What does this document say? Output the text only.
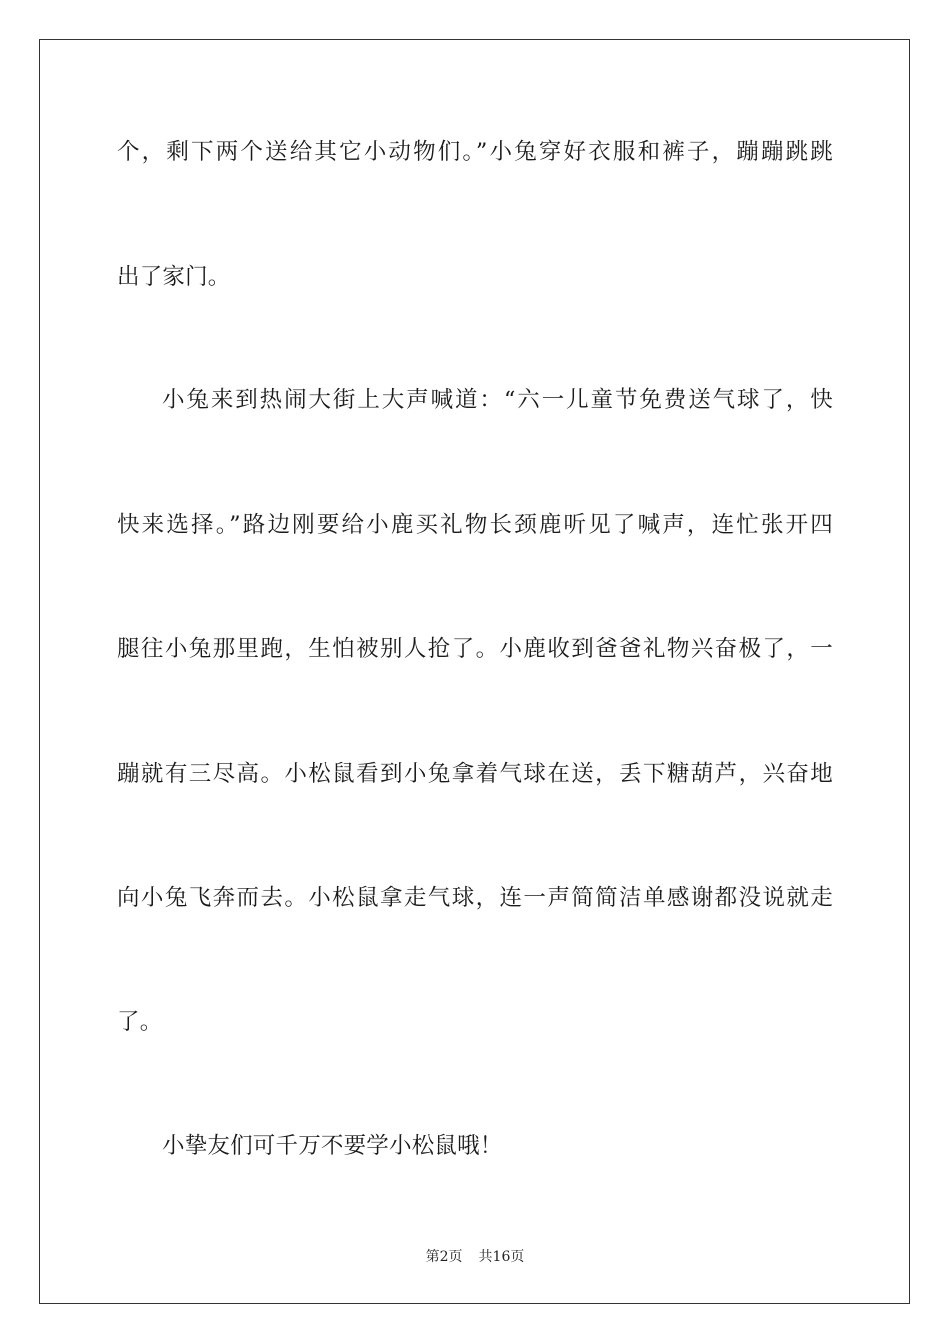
个，剩下两个送给其它小动物们。”小兔穿好衣服和裤子，蹦蹦跳跳
出了家门。
小兔来到热闹大街上大声喊道：“六一儿童节免费送气球了，快
快来选择。”路边刚要给小鹿买礼物长颈鹿听见了喊声，连忙张开四
腿往小兔那里跑，生怕被别人抢了。小鹿收到爸爸礼物兴奋极了，一
蹦就有三尽高。小松鼠看到小兔拿着气球在送，丢下糖葫芦，兴奋地
向小兔飞奔而去。小松鼠拿走气球，连一声简简洁单感谢都没说就走
了。
小挚友们可千万不要学小松鼠哦！
第2页 共16页
